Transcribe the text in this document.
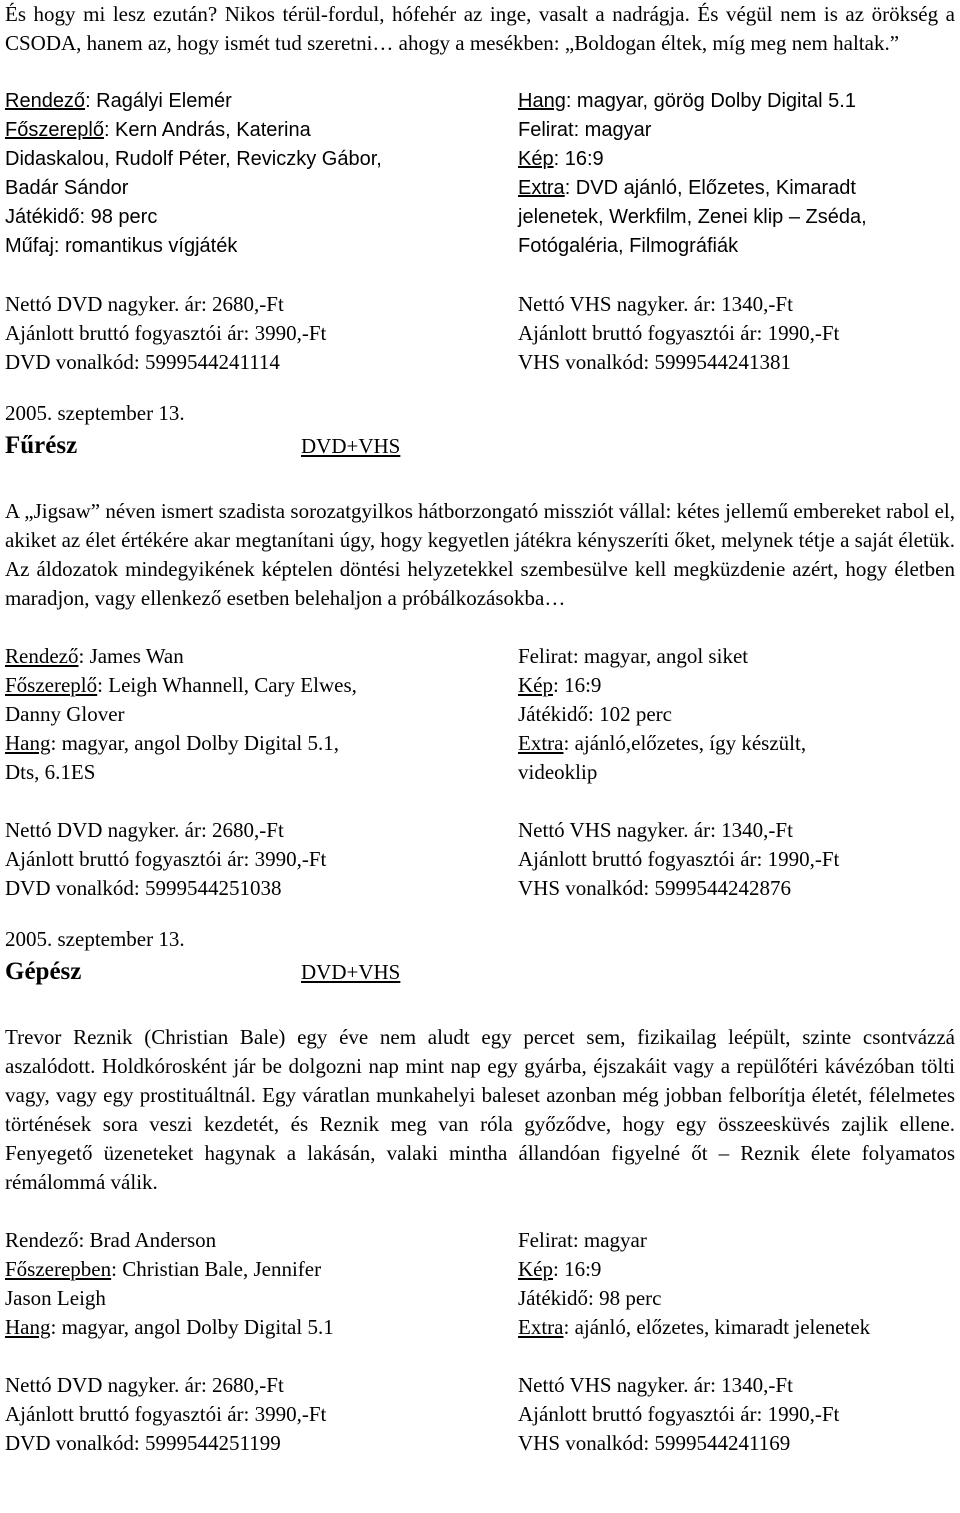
És hogy mi lesz ezután? Nikos térül-fordul, hófehér az inge, vasalt a nadrágja. És végül nem is az örökség a CSODA, hanem az, hogy ismét tud szeretni… ahogy a mesékben: „Boldogan éltek, míg meg nem haltak.”

Rendező: Ragályi Elemér
Főszereplő: Kern András, Katerina
Didaskalou, Rudolf Péter, Reviczky Gábor,
Badár Sándor
Játékidő: 98 perc
Műfaj: romantikus vígjáték
Hang: magyar, görög Dolby Digital 5.1
Felirat: magyar
Kép: 16:9
Extra: DVD ajánló, Előzetes, Kimaradt
jelenetek, Werkfilm, Zenei klip – Zséda,
Fotógaléria, Filmográfiák
Nettó DVD nagyker. ár: 2680,-Ft
Ajánlott bruttó fogyasztói ár: 3990,-Ft
DVD vonalkód: 5999544241114
Nettó VHS nagyker. ár: 1340,-Ft
Ajánlott bruttó fogyasztói ár: 1990,-Ft
VHS vonalkód: 5999544241381
2005. szeptember 13.
Fűrész	DVD+VHS

A „Jigsaw” néven ismert szadista sorozatgyilkos hátborzongató missziót vállal: kétes jellemű embereket rabol el, akiket az élet értékére akar megtanítani úgy, hogy kegyetlen játékra kényszeríti őket, melynek tétje a saját életük. Az áldozatok mindegyikének képtelen döntési helyzetekkel szembesülve kell megküzdenie azért, hogy életben maradjon, vagy ellenkező esetben belehaljon a próbálkozásokba…

Rendező: James Wan
Főszereplő: Leigh Whannell, Cary Elwes,
Danny Glover
Hang: magyar, angol Dolby Digital 5.1,
Dts, 6.1ES
Felirat: magyar, angol siket
Kép: 16:9
Játékidő: 102 perc
Extra: ajánló,előzetes, így készült,
videoklip
Nettó DVD nagyker. ár: 2680,-Ft
Ajánlott bruttó fogyasztói ár: 3990,-Ft
DVD vonalkód: 5999544251038
Nettó VHS nagyker. ár: 1340,-Ft
Ajánlott bruttó fogyasztói ár: 1990,-Ft
VHS vonalkód: 5999544242876
2005. szeptember 13.
Gépész	DVD+VHS

Trevor Reznik (Christian Bale) egy éve nem aludt egy percet sem, fizikailag leépült, szinte csontvázzá aszalódott. Holdkórosként jár be dolgozni nap mint nap egy gyárba, éjszakáit vagy a repülőtéri kávézóban tölti vagy, vagy egy prostituáltnál. Egy váratlan munkahelyi baleset azonban még jobban felborítja életét, félelmetes történések sora veszi kezdetét, és Reznik meg van róla győződve, hogy egy összeesküvés zajlik ellene. Fenyegető üzeneteket hagynak a lakásán, valaki mintha állandóan figyelné őt – Reznik élete folyamatos rémálommá válik.

Rendező: Brad Anderson
Főszerepben: Christian Bale, Jennifer
Jason Leigh
Hang: magyar, angol Dolby Digital 5.1
Felirat: magyar
Kép: 16:9
Játékidő: 98 perc
Extra: ajánló, előzetes, kimaradt jelenetek
Nettó DVD nagyker. ár: 2680,-Ft
Ajánlott bruttó fogyasztói ár: 3990,-Ft
DVD vonalkód: 5999544251199
Nettó VHS nagyker. ár: 1340,-Ft
Ajánlott bruttó fogyasztói ár: 1990,-Ft
VHS vonalkód: 5999544241169
